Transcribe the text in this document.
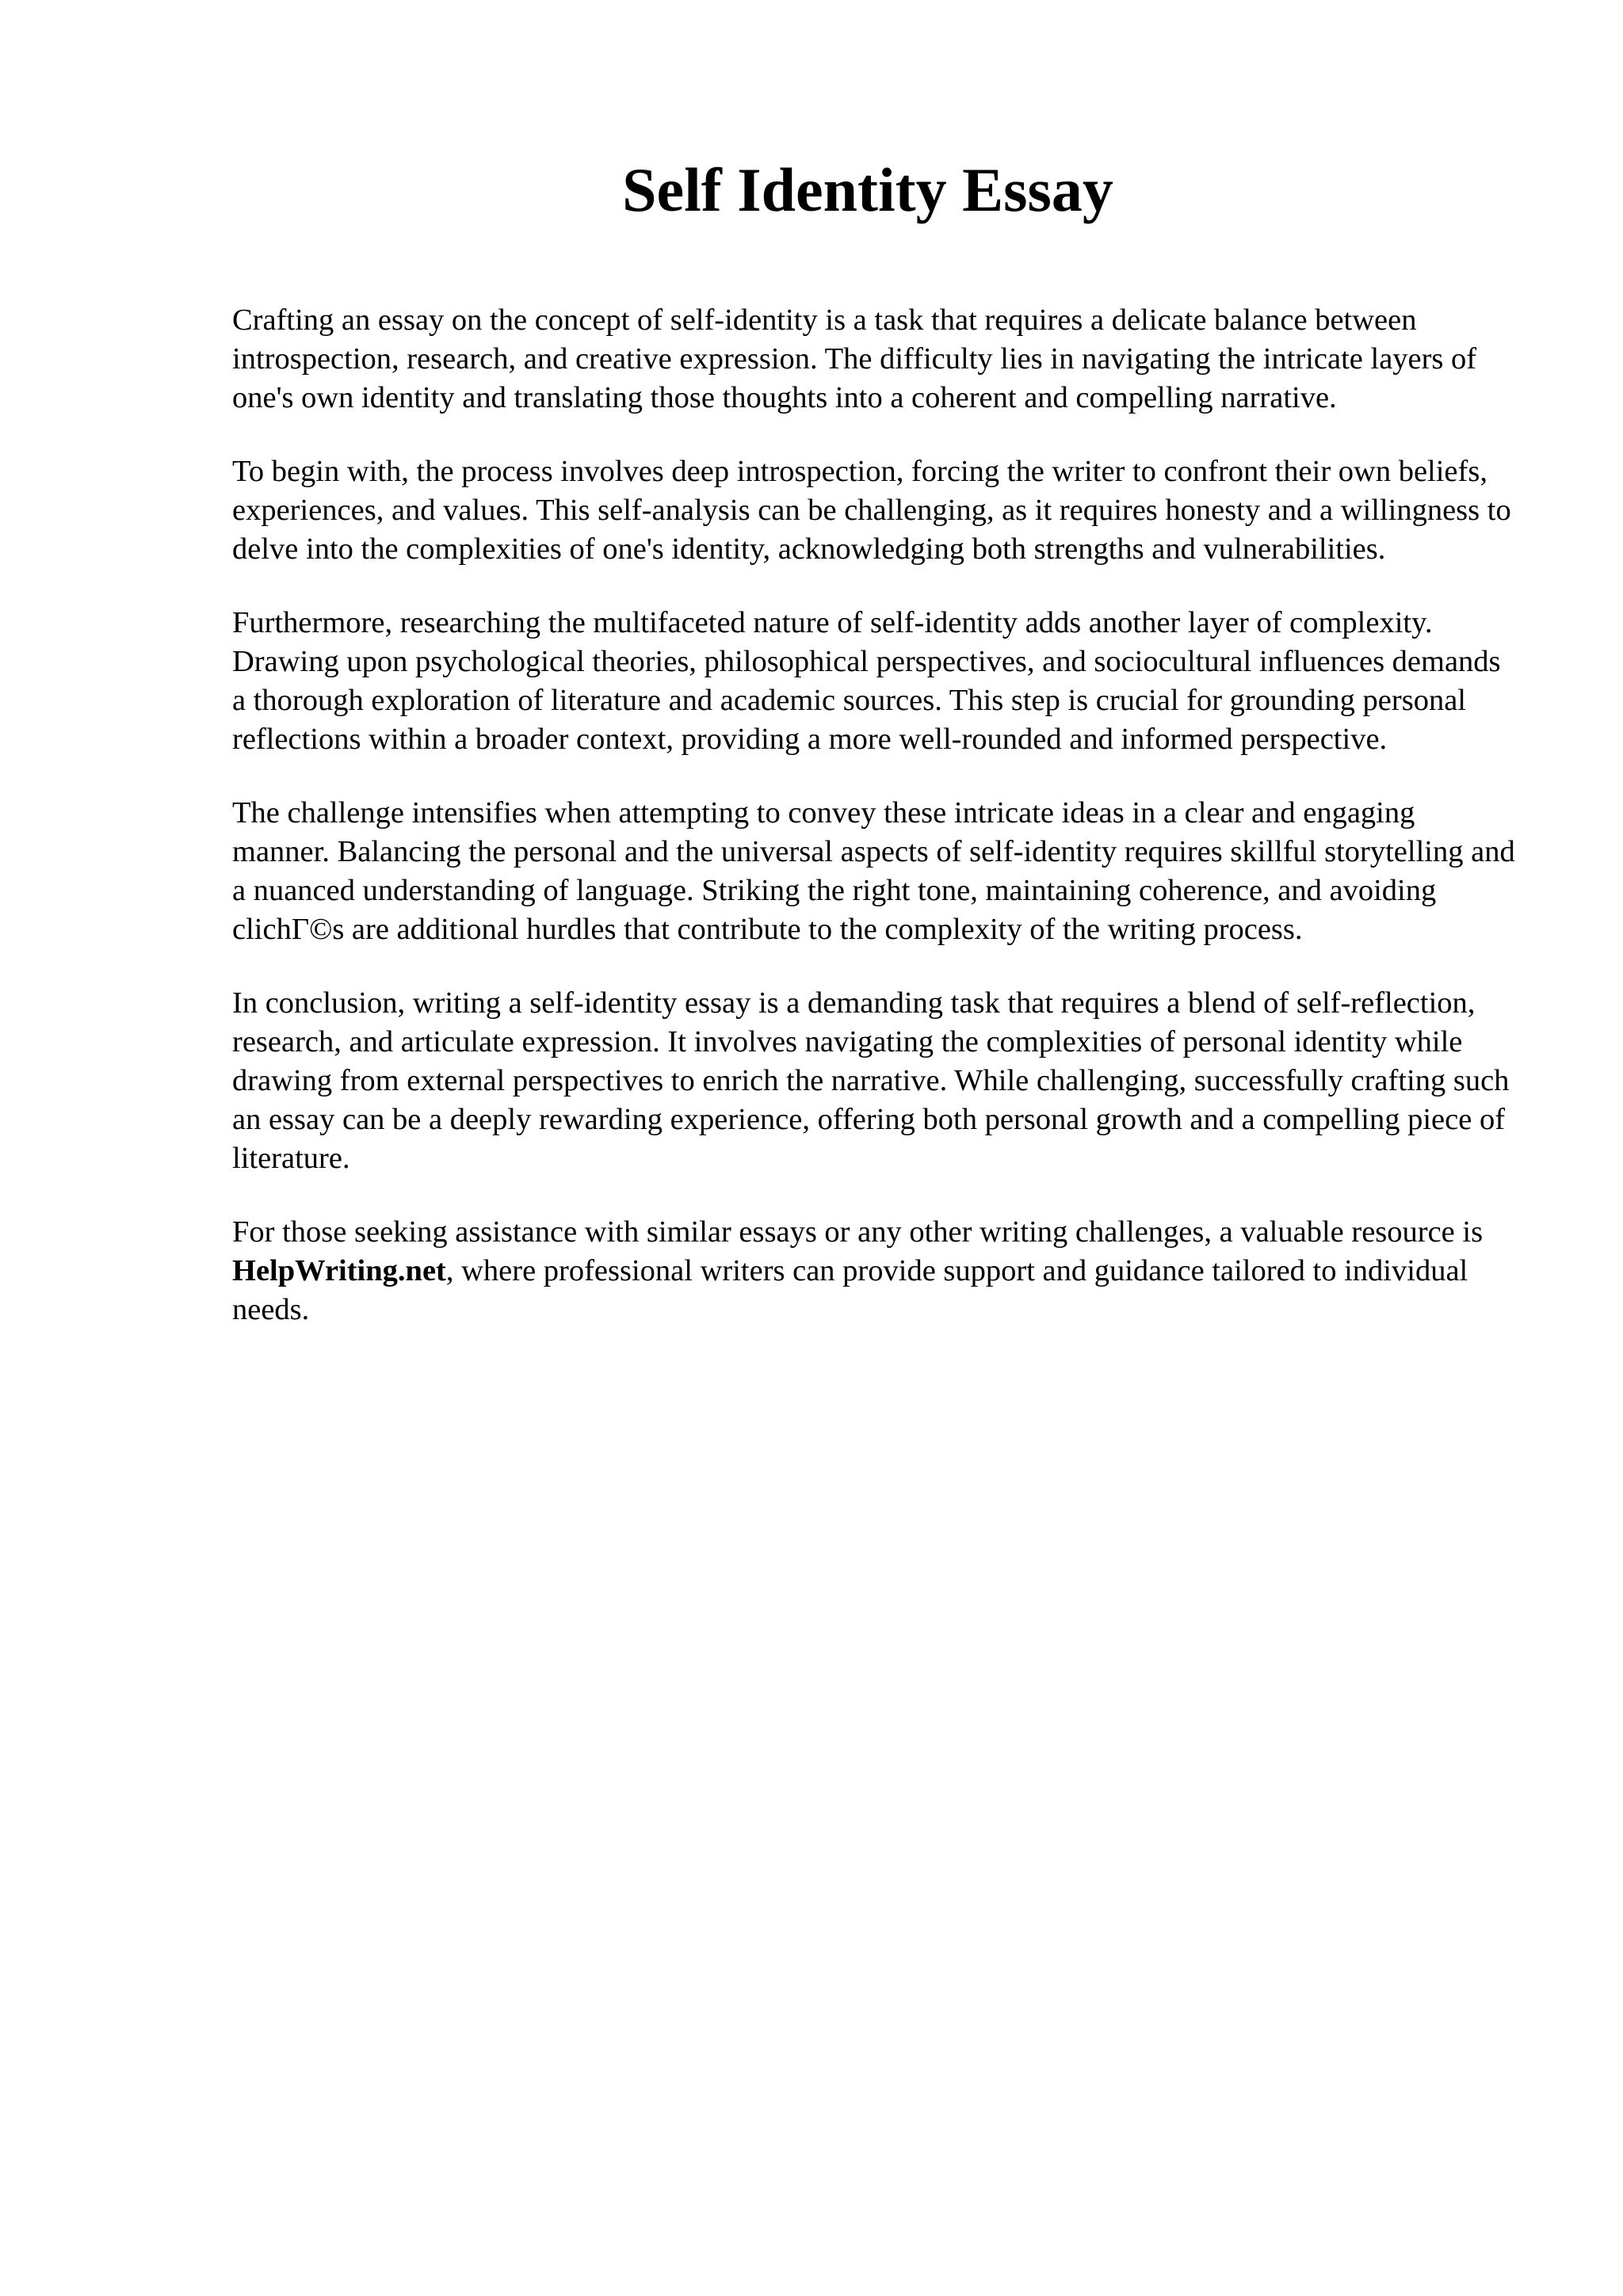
Self Identity Essay

Crafting an essay on the concept of self-identity is a task that requires a delicate balance between introspection, research, and creative expression. The difficulty lies in navigating the intricate layers of one's own identity and translating those thoughts into a coherent and compelling narrative.

To begin with, the process involves deep introspection, forcing the writer to confront their own beliefs, experiences, and values. This self-analysis can be challenging, as it requires honesty and a willingness to delve into the complexities of one's identity, acknowledging both strengths and vulnerabilities.

Furthermore, researching the multifaceted nature of self-identity adds another layer of complexity. Drawing upon psychological theories, philosophical perspectives, and sociocultural influences demands a thorough exploration of literature and academic sources. This step is crucial for grounding personal reflections within a broader context, providing a more well-rounded and informed perspective.

The challenge intensifies when attempting to convey these intricate ideas in a clear and engaging manner. Balancing the personal and the universal aspects of self-identity requires skillful storytelling and a nuanced understanding of language. Striking the right tone, maintaining coherence, and avoiding clichΓ©s are additional hurdles that contribute to the complexity of the writing process.

In conclusion, writing a self-identity essay is a demanding task that requires a blend of self-reflection, research, and articulate expression. It involves navigating the complexities of personal identity while drawing from external perspectives to enrich the narrative. While challenging, successfully crafting such an essay can be a deeply rewarding experience, offering both personal growth and a compelling piece of literature.

For those seeking assistance with similar essays or any other writing challenges, a valuable resource is HelpWriting.net, where professional writers can provide support and guidance tailored to individual needs.
